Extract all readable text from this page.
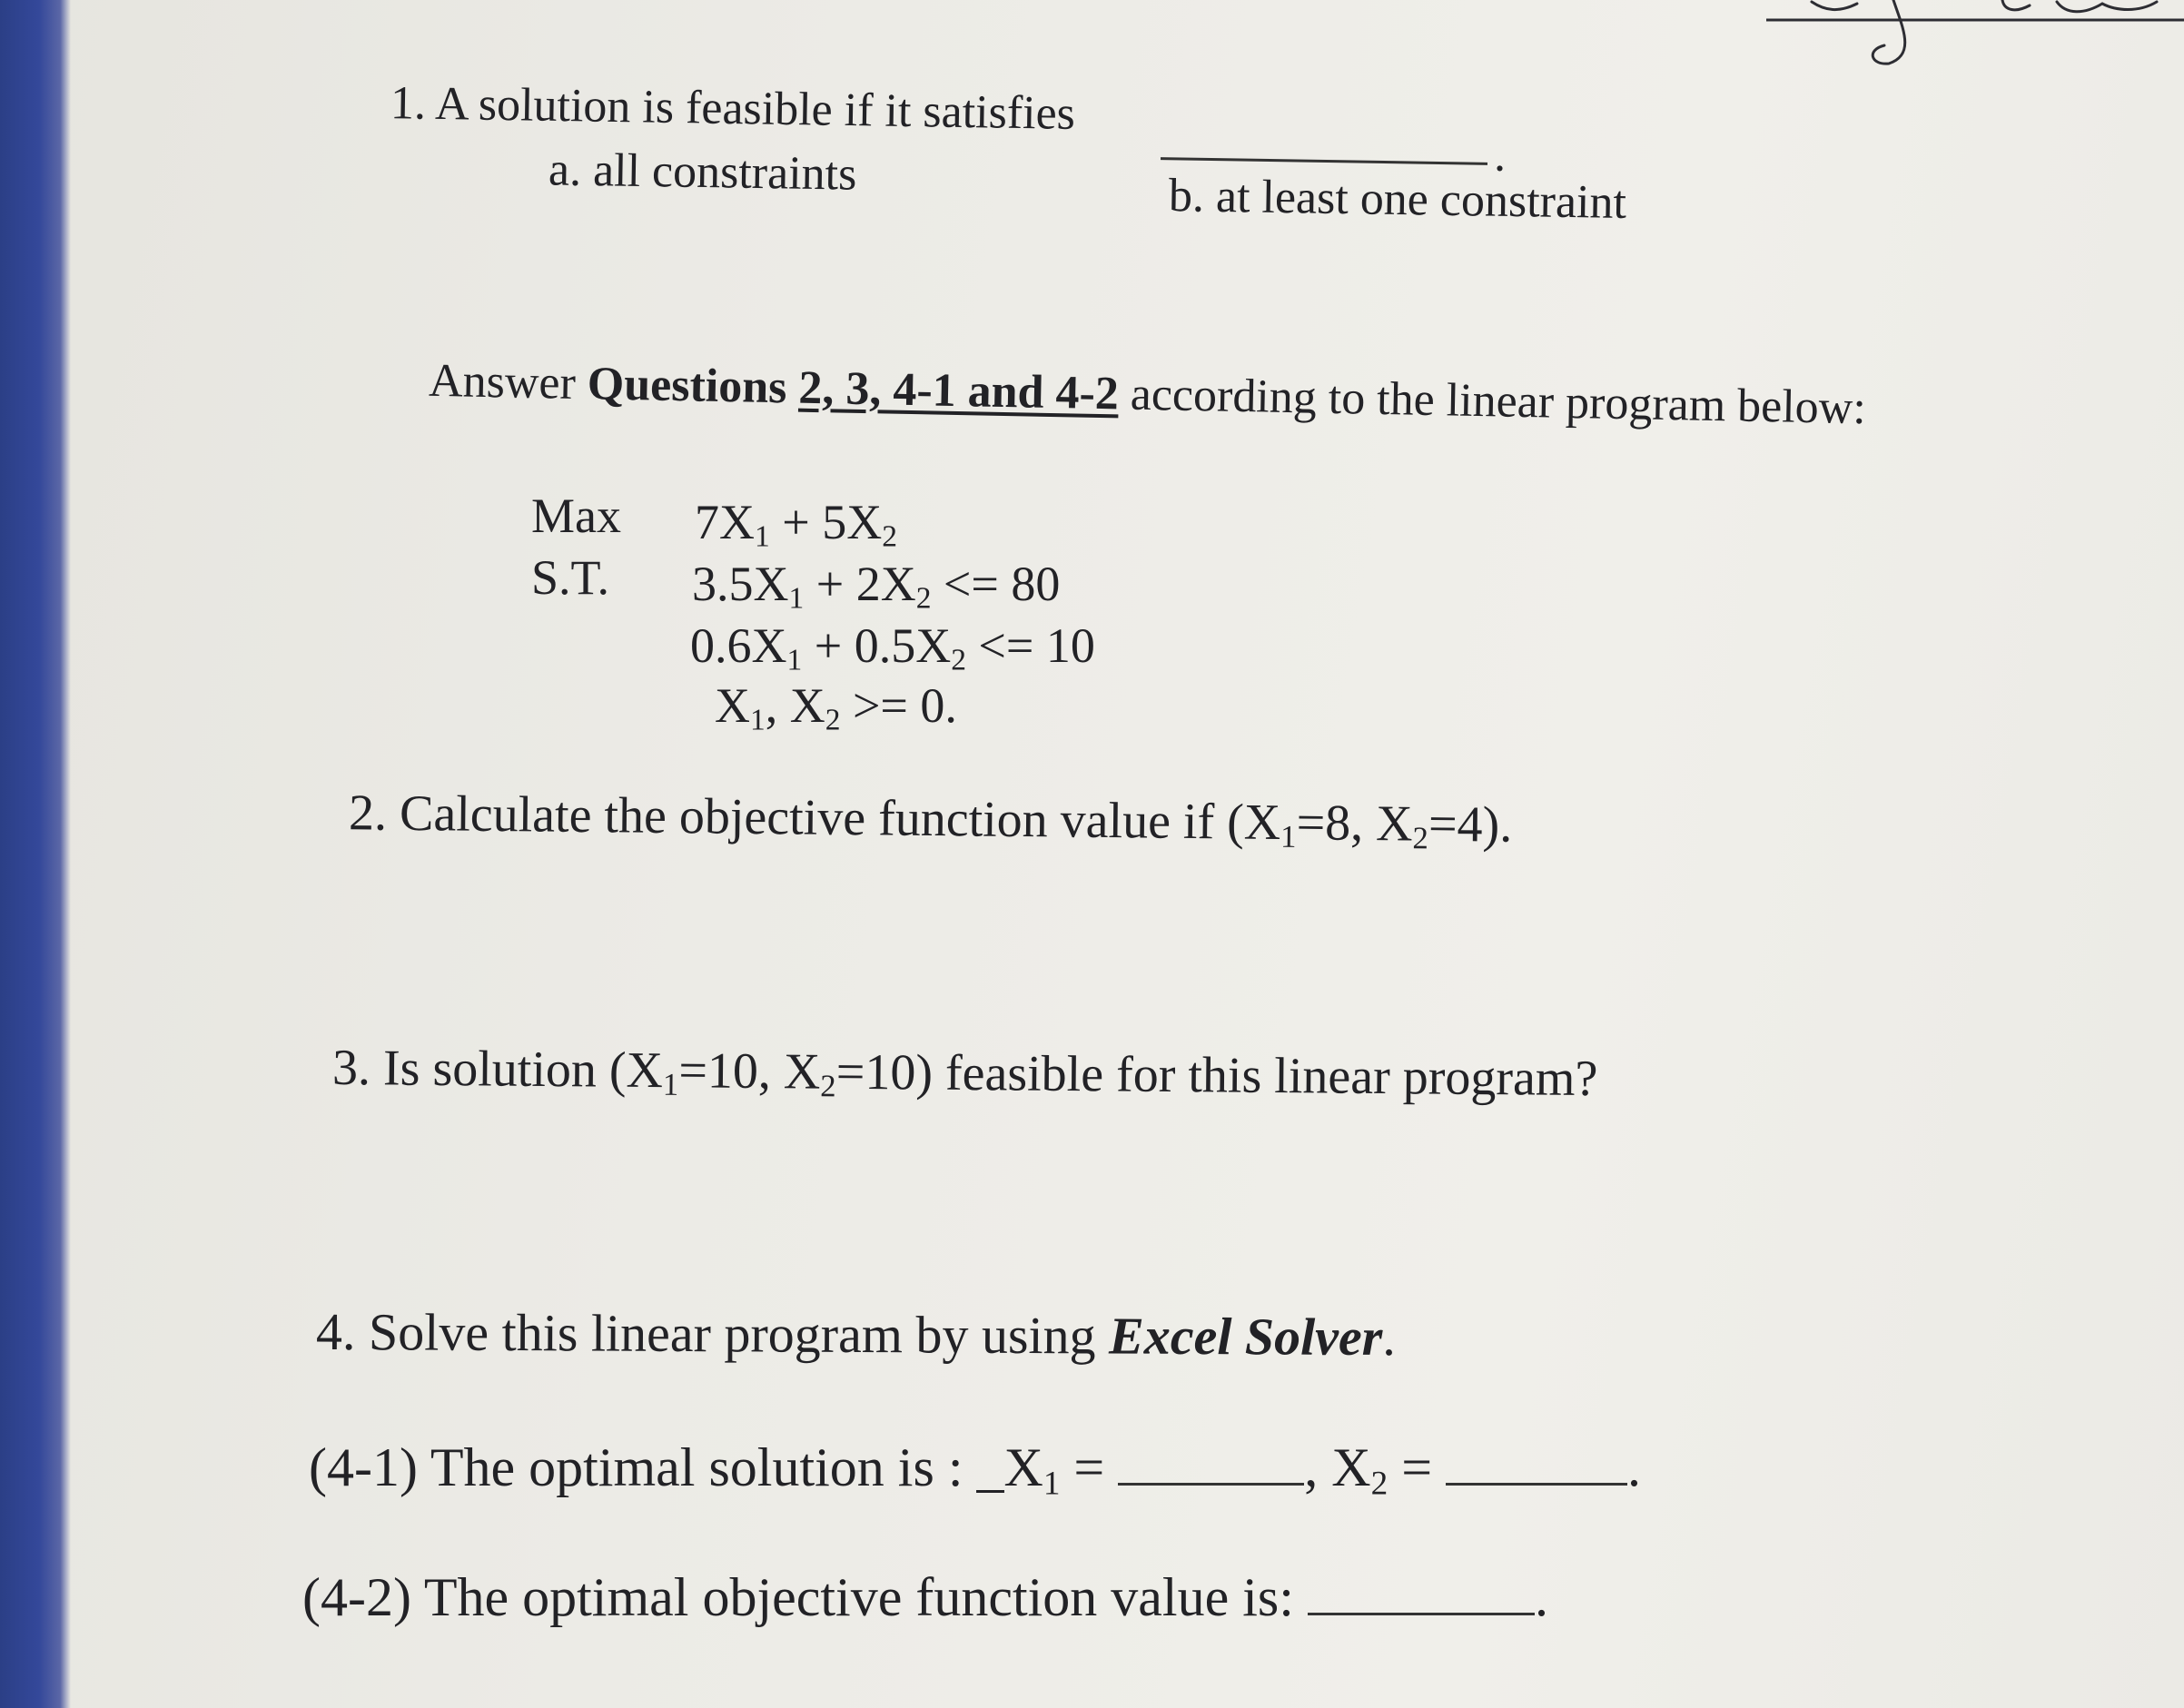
1. A solution is feasible if it satisfies
.
a. all constraints	b. at least one constraint
Answer Questions 2, 3, 4-1 and 4-2 according to the linear program below:
Max $7X_1 + 5X_2$
S.T. $3.5X_1 + 2X_2 <= 80$
$0.6X_1 + 0.5X_2 <= 10$
$X_1$, $X_2 >= 0$.
2. Calculate the objective function value if ($X_1=8$, $X_2=4$).
3. Is solution ($X_1=10$, $X_2=10$) feasible for this linear program?
4. Solve this linear program by using Excel Solver.
(4-1) The optimal solution is : $\_X_1$ =	, $X_2$ =	.
(4-2) The optimal objective function value is:	.
